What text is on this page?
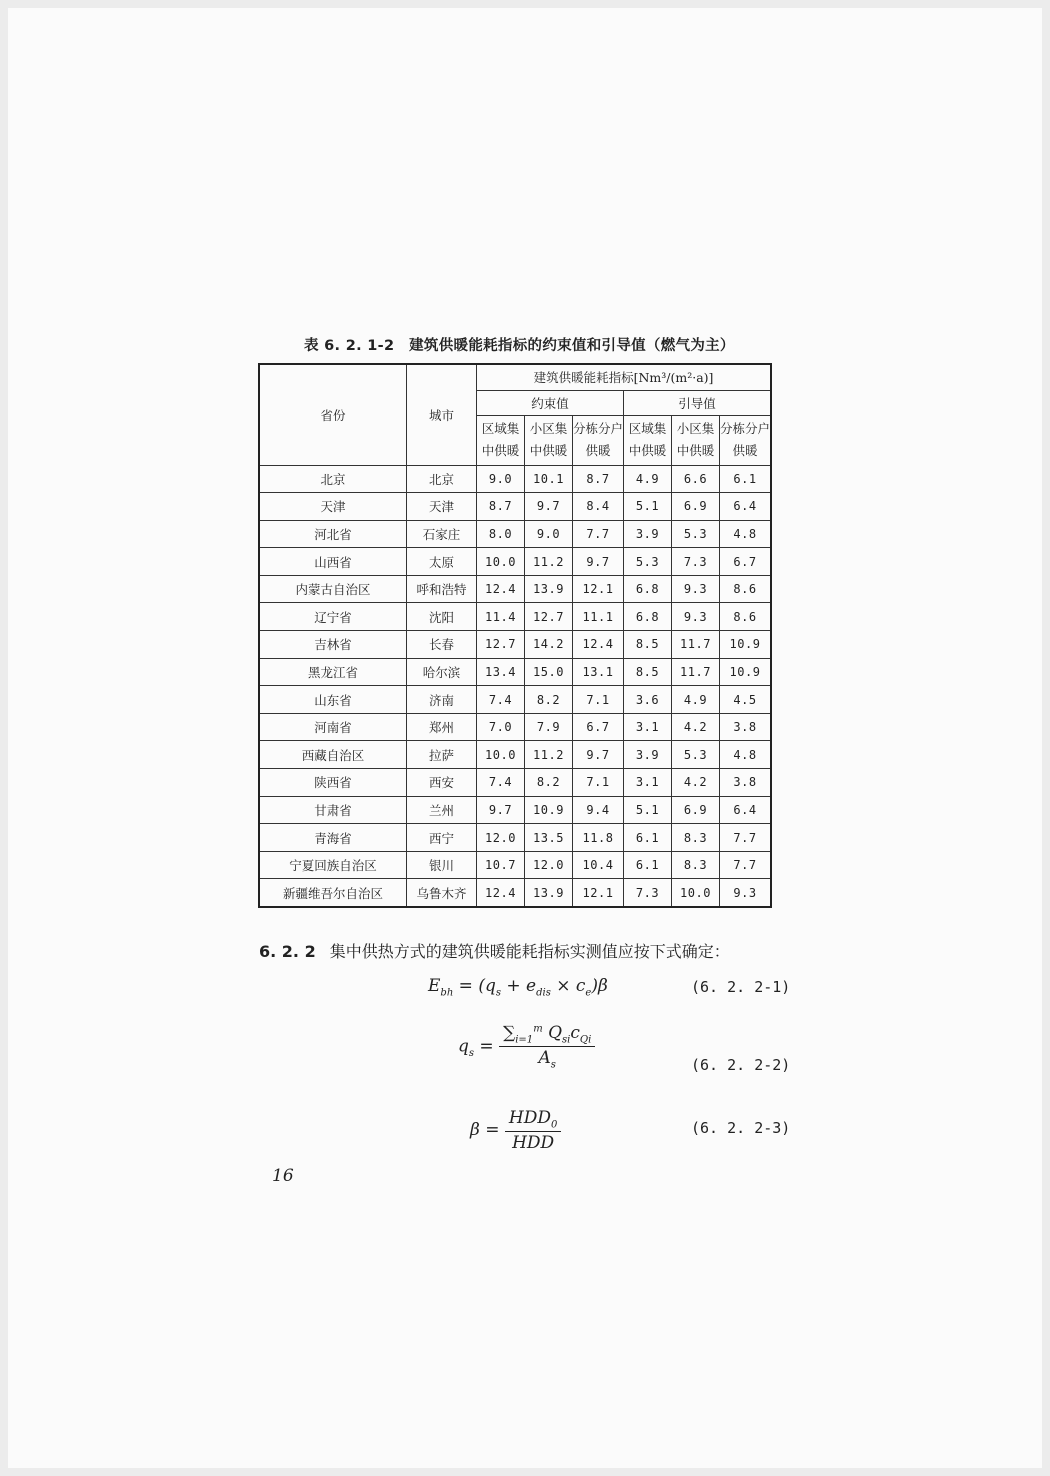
表 6. 2. 1-2　建筑供暖能耗指标的约束值和引导值（燃气为主）
省份	城市	建筑供暖能耗指标[Nm³/(m²·a)]					
		约束值			引导值		
		区域集中供暖	小区集中供暖	分栋分户供暖	区域集中供暖	小区集中供暖	分栋分户供暖
北京	北京	9.0	10.1	8.7	4.9	6.6	6.1
天津	天津	8.7	9.7	8.4	5.1	6.9	6.4
河北省	石家庄	8.0	9.0	7.7	3.9	5.3	4.8
山西省	太原	10.0	11.2	9.7	5.3	7.3	6.7
内蒙古自治区	呼和浩特	12.4	13.9	12.1	6.8	9.3	8.6
辽宁省	沈阳	11.4	12.7	11.1	6.8	9.3	8.6
吉林省	长春	12.7	14.2	12.4	8.5	11.7	10.9
黑龙江省	哈尔滨	13.4	15.0	13.1	8.5	11.7	10.9
山东省	济南	7.4	8.2	7.1	3.6	4.9	4.5
河南省	郑州	7.0	7.9	6.7	3.1	4.2	3.8
西藏自治区	拉萨	10.0	11.2	9.7	3.9	5.3	4.8
陕西省	西安	7.4	8.2	7.1	3.1	4.2	3.8
甘肃省	兰州	9.7	10.9	9.4	5.1	6.9	6.4
青海省	西宁	12.0	13.5	11.8	6.1	8.3	7.7
宁夏回族自治区	银川	10.7	12.0	10.4	6.1	8.3	7.7
新疆维吾尔自治区	乌鲁木齐	12.4	13.9	12.1	7.3	10.0	9.3
6. 2. 2 集中供热方式的建筑供暖能耗指标实测值应按下式确定：
$E_{bh} = (q_s + e_{dis} \times c_e)\beta$	(6. 2. 2-1)
$q_s = \frac{\sum_{i=1}^m Q_{si}c_{Qi}}{A_s}$	(6. 2. 2-2)
$\beta = \frac{HDD_0}{\text{HDD}}$	(6. 2. 2-3)
16
